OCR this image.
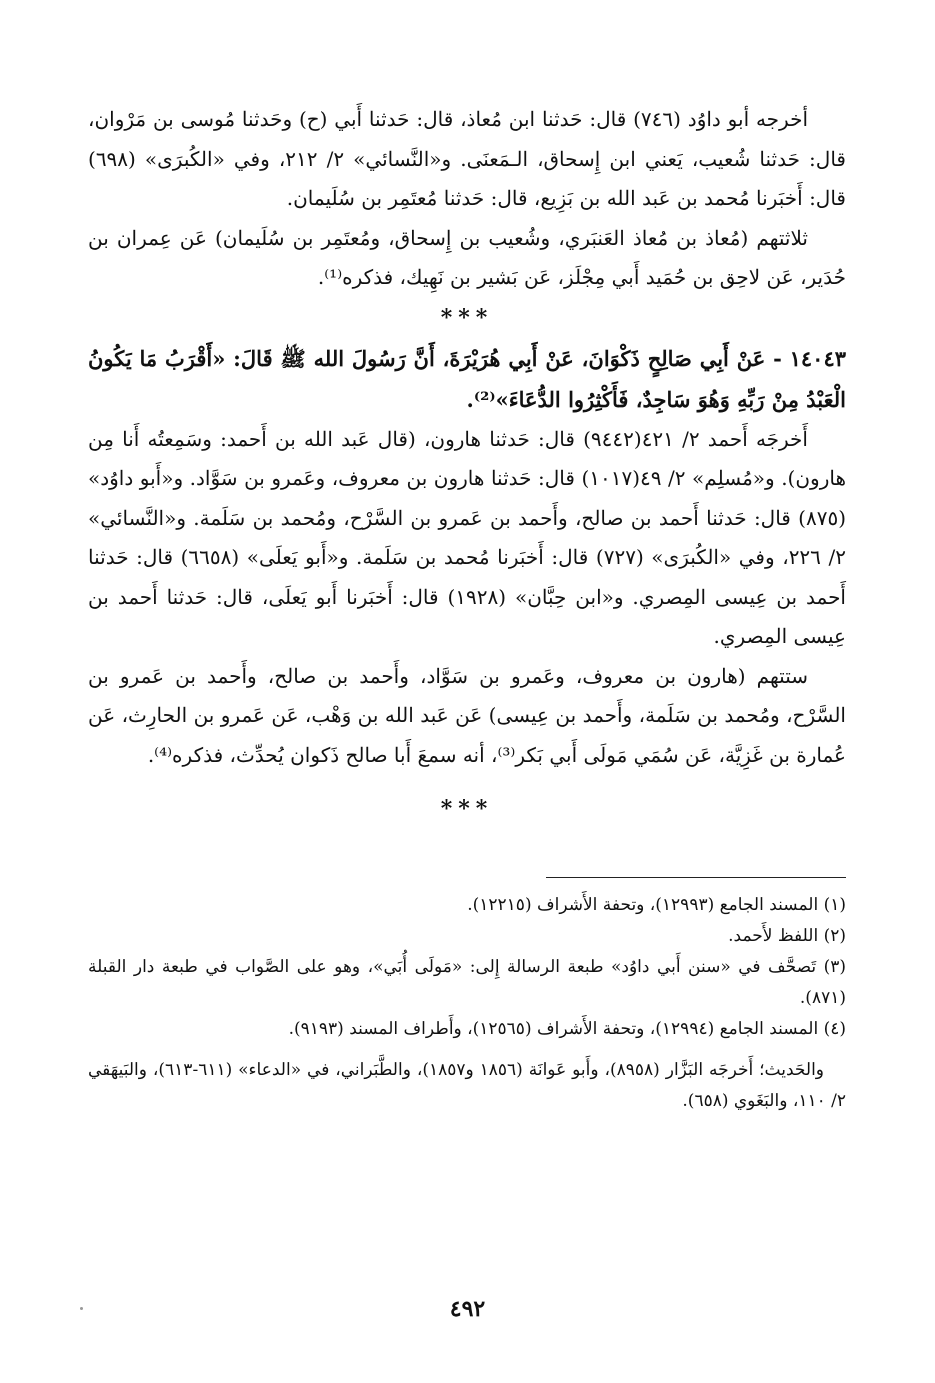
أخرجه أبو داوُد (٧٤٦) قال: حَدثنا ابن مُعاذ، قال: حَدثنا أَبي (ح) وحَدثنا مُوسى بن مَرْوان، قال: حَدثنا شُعيب، يَعني ابن إِسحاق، الـمَعنَى. و«النَّسائي» ٢/ ٢١٢، وفي «الكُبرَى» (٦٩٨) قال: أَخبَرنا مُحمد بن عَبد الله بن بَزِيع، قال: حَدثنا مُعتَمِر بن سُلَيمان.

ثلاثتهم (مُعاذ بن مُعاذ العَنبَري، وشُعيب بن إِسحاق، ومُعتَمِر بن سُلَيمان) عَن عِمران بن حُدَير، عَن لاحِق بن حُمَيد أَبي مِجْلَز، عَن بَشير بن نَهِيك، فذكره⁽¹⁾.

***

١٤٠٤٣ - عَنْ أَبِي صَالِحٍ ذَكْوَانَ، عَنْ أَبِي هُرَيْرَةَ، أَنَّ رَسُولَ الله ﷺ قَالَ: «أَقْرَبُ مَا يَكُونُ الْعَبْدُ مِنْ رَبِّهِ وَهُوَ سَاجِدٌ، فَأَكْثِرُوا الدُّعَاءَ»⁽²⁾.

أَخرجَه أَحمد ٢/ ٤٢١(٩٤٤٢) قال: حَدثنا هارون، (قال عَبد الله بن أَحمد: وسَمِعتُه أَنا مِن هارون). و«مُسلِم» ٢/ ٤٩(١٠١٧) قال: حَدثنا هارون بن معروف، وعَمرو بن سَوَّاد. و«أَبو داوُد» (٨٧٥) قال: حَدثنا أَحمد بن صالح، وأَحمد بن عَمرو بن السَّرْح، ومُحمد بن سَلَمة. و«النَّسائي» ٢/ ٢٢٦، وفي «الكُبرَى» (٧٢٧) قال: أَخبَرنا مُحمد بن سَلَمة. و«أَبو يَعلَى» (٦٦٥٨) قال: حَدثنا أَحمد بن عِيسى المِصري. و«ابن حِبَّان» (١٩٢٨) قال: أَخبَرنا أَبو يَعلَى، قال: حَدثنا أَحمد بن عِيسى المِصري.

ستتهم (هارون بن معروف، وعَمرو بن سَوَّاد، وأَحمد بن صالح، وأَحمد بن عَمرو بن السَّرْح، ومُحمد بن سَلَمة، وأَحمد بن عِيسى) عَن عَبد الله بن وَهْب، عَن عَمرو بن الحارِث، عَن عُمارة بن غَزِيَّة، عَن سُمَي مَولَى أَبي بَكر⁽³⁾، أنه سمعَ أَبا صالح ذَكوان يُحدِّث، فذكره⁽⁴⁾.

***

(١) المسند الجامع (١٢٩٩٣)، وتحفة الأَشراف (١٢٢١٥).

(٢) اللفظ لأَحمد.

(٣) تَصحَّف في «سنن أَبي داوُد» طبعة الرسالة إِلى: «مَولَى أُبَي»، وهو على الصَّواب في طبعة دار القبلة (٨٧١).

(٤) المسند الجامع (١٢٩٩٤)، وتحفة الأَشراف (١٢٥٦٥)، وأَطراف المسند (٩١٩٣).

والحَديث؛ أَخرجَه البَزَّار (٨٩٥٨)، وأَبو عَوانَة (١٨٥٦ و١٨٥٧)، والطَّبَراني، في «الدعاء» (٦١١-٦١٣)، والبَيهَقي ٢/ ١١٠، والبَغَوي (٦٥٨).

٤٩٢
